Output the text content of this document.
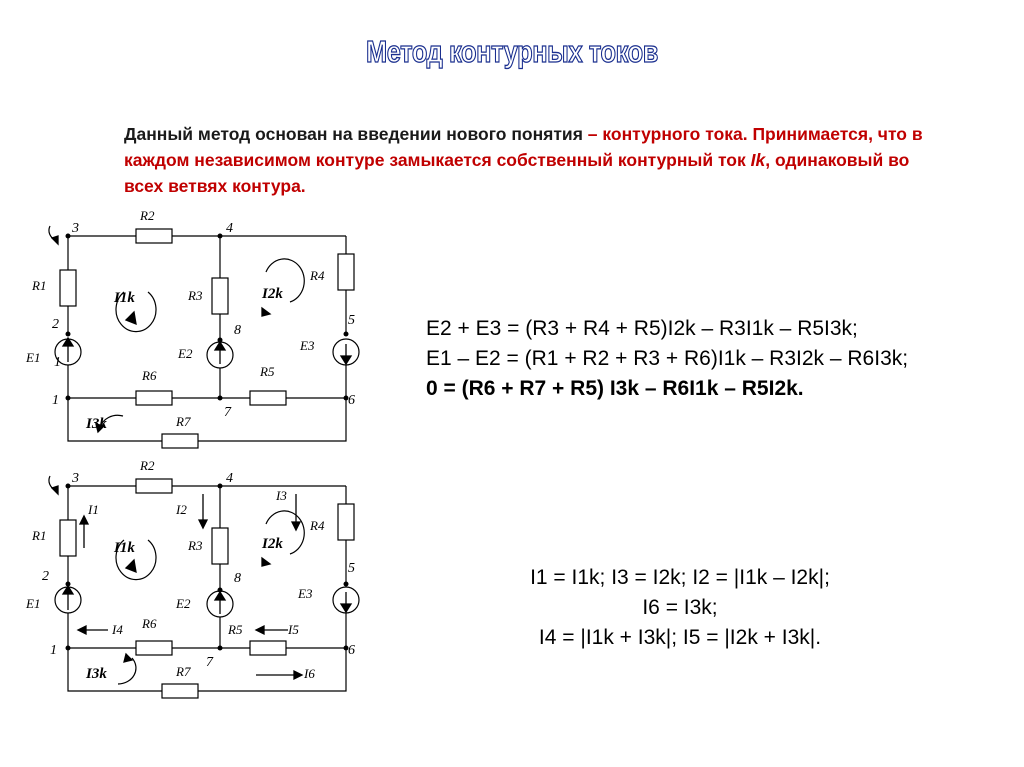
Метод контурных токов
Данный метод основан на введении нового понятия – контурного тока. Принимается, что в каждом независимом контуре замыкается собственный контурный ток Ik, одинаковый во всех ветвях контура.
3	4
2	8
5
1
7
6
R2
R1
R3
R4
R6	R5
R7
E1	E2
E3
1
I1k	I2k
I3k
3	4
2	8
5
1
7
6
R2
R1
R3
R4
R6	R5
R7
E1	E2
E3
I1	I2
I3
I4	I5
I6
I1k	I2k
I3k
E2 + E3 = (R3 + R4 + R5)I2k – R3I1k – R5I3k;
E1 – E2 = (R1 + R2 + R3 + R6)I1k – R3I2k – R6I3k;
0 = (R6 + R7 + R5) I3k – R6I1k – R5I2k.
I1 = I1k; I3 = I2k; I2 = |I1k – I2k|;
I6 = I3k;
I4 = |I1k + I3k|; I5 = |I2k + I3k|.
